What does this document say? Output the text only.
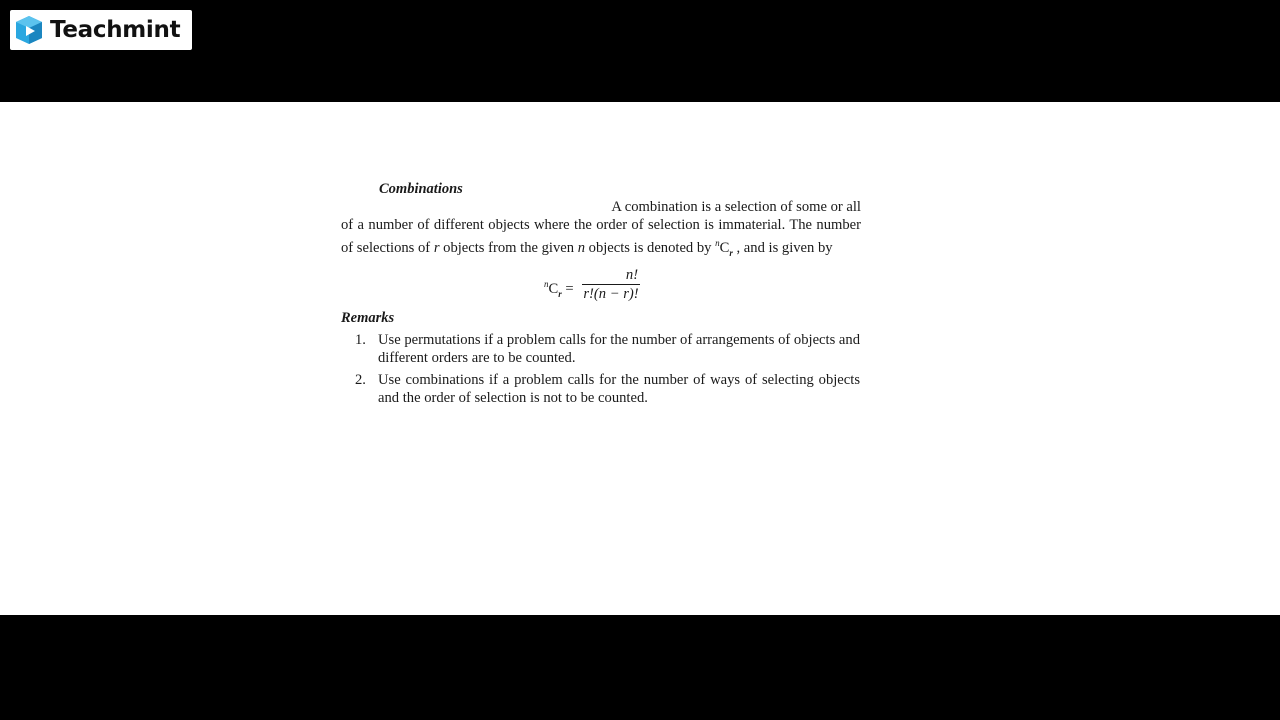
Teachmint
Combinations
A combination is a selection of some or all
of a number of different objects where the order of selection is immaterial. The number
of selections of r objects from the given n objects is denoted by $^nC_r$ , and is given by
$^nC_r$ =
n!
r!(n − r)!
Remarks
1. Use permutations if a problem calls for the number of arrangements of objects and different orders are to be counted.
2. Use combinations if a problem calls for the number of ways of selecting objects and the order of selection is not to be counted.
